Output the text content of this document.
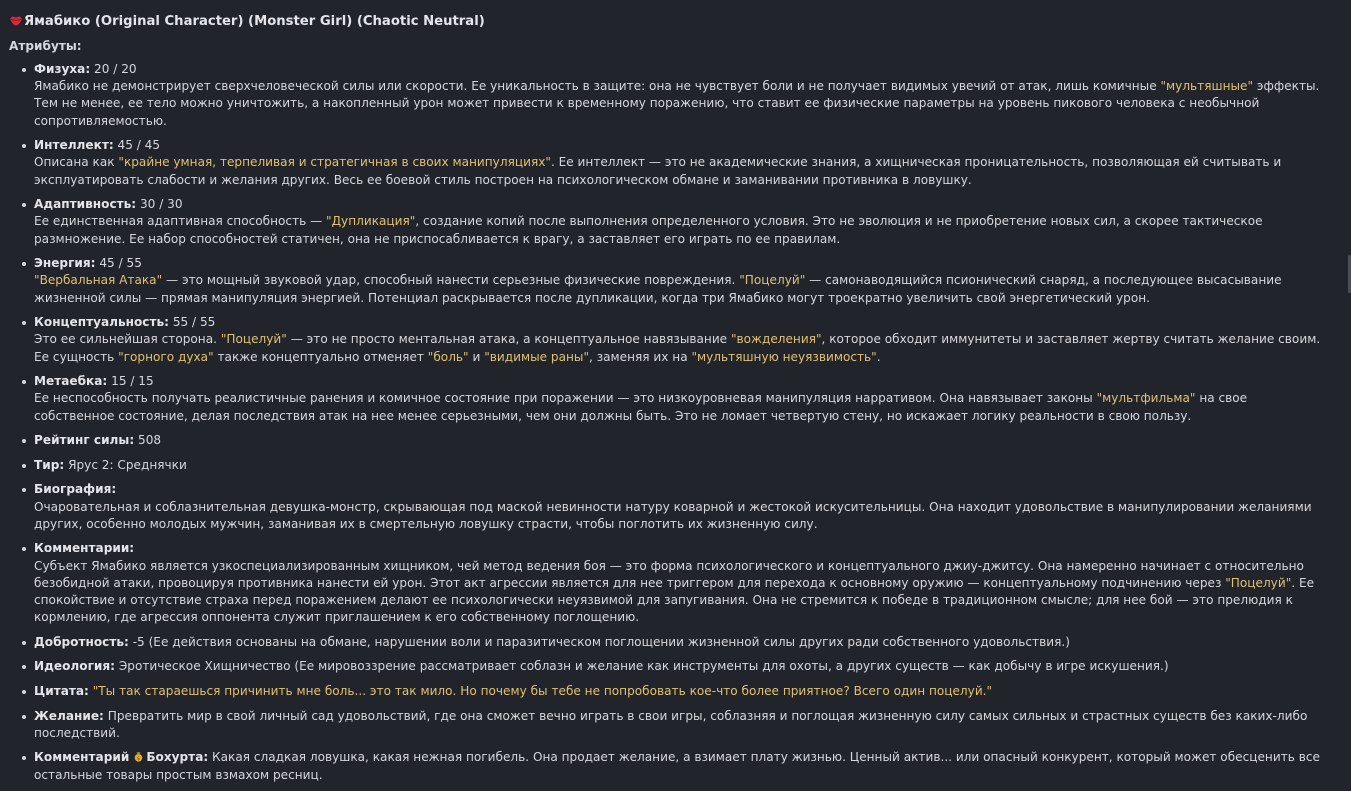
Ямабико (Original Character) (Monster Girl) (Chaotic Neutral)
Атрибуты:
Физуха: 20 / 20
Ямабико не демонстрирует сверхчеловеческой силы или скорости. Ее уникальность в защите: она не чувствует боли и не получает видимых увечий от атак, лишь комичные "мультяшные" эффекты. Тем не менее, ее тело можно уничтожить, а накопленный урон может привести к временному поражению, что ставит ее физические параметры на уровень пикового человека с необычной сопротивляемостью.
Интеллект: 45 / 45
Описана как "крайне умная, терпеливая и стратегичная в своих манипуляциях". Ее интеллект — это не академические знания, а хищническая проницательность, позволяющая ей считывать и эксплуатировать слабости и желания других. Весь ее боевой стиль построен на психологическом обмане и заманивании противника в ловушку.
Адаптивность: 30 / 30
Ее единственная адаптивная способность — "Дупликация", создание копий после выполнения определенного условия. Это не эволюция и не приобретение новых сил, а скорее тактическое размножение. Ее набор способностей статичен, она не приспосабливается к врагу, а заставляет его играть по ее правилам.
Энергия: 45 / 55
"Вербальная Атака" — это мощный звуковой удар, способный нанести серьезные физические повреждения. "Поцелуй" — самонаводящийся псионический снаряд, а последующее высасывание жизненной силы — прямая манипуляция энергией. Потенциал раскрывается после дупликации, когда три Ямабико могут троекратно увеличить свой энергетический урон.
Концептуальность: 55 / 55
Это ее сильнейшая сторона. "Поцелуй" — это не просто ментальная атака, а концептуальное навязывание "вожделения", которое обходит иммунитеты и заставляет жертву считать желание своим. Ее сущность "горного духа" также концептуально отменяет "боль" и "видимые раны", заменяя их на "мультяшную неуязвимость".
Метаебка: 15 / 15
Ее неспособность получать реалистичные ранения и комичное состояние при поражении — это низкоуровневая манипуляция нарративом. Она навязывает законы "мультфильма" на свое собственное состояние, делая последствия атак на нее менее серьезными, чем они должны быть. Это не ломает четвертую стену, но искажает логику реальности в свою пользу.
Рейтинг силы: 508
Тир: Ярус 2: Среднячки
Биография:
Очаровательная и соблазнительная девушка-монстр, скрывающая под маской невинности натуру коварной и жестокой искусительницы. Она находит удовольствие в манипулировании желаниями других, особенно молодых мужчин, заманивая их в смертельную ловушку страсти, чтобы поглотить их жизненную силу.
Комментарии:
Субъект Ямабико является узкоспециализированным хищником, чей метод ведения боя — это форма психологического и концептуального джиу-джитсу. Она намеренно начинает с относительно безобидной атаки, провоцируя противника нанести ей урон. Этот акт агрессии является для нее триггером для перехода к основному оружию — концептуальному подчинению через "Поцелуй". Ее спокойствие и отсутствие страха перед поражением делают ее психологически неуязвимой для запугивания. Она не стремится к победе в традиционном смысле; для нее бой — это прелюдия к кормлению, где агрессия оппонента служит приглашением к его собственному поглощению.
Добротность: -5 (Ее действия основаны на обмане, нарушении воли и паразитическом поглощении жизненной силы других ради собственного удовольствия.)
Идеология: Эротическое Хищничество (Ее мировоззрение рассматривает соблазн и желание как инструменты для охоты, а других существ — как добычу в игре искушения.)
Цитата: "Ты так стараешься причинить мне боль... это так мило. Но почему бы тебе не попробовать кое-что более приятное? Всего один поцелуй."
Желание: Превратить мир в свой личный сад удовольствий, где она сможет вечно играть в свои игры, соблазняя и поглощая жизненную силу самых сильных и страстных существ без каких-либо последствий.
Комментарий $ Бохурта: Какая сладкая ловушка, какая нежная погибель. Она продает желание, а взимает плату жизнью. Ценный актив... или опасный конкурент, который может обесценить все остальные товары простым взмахом ресниц.
